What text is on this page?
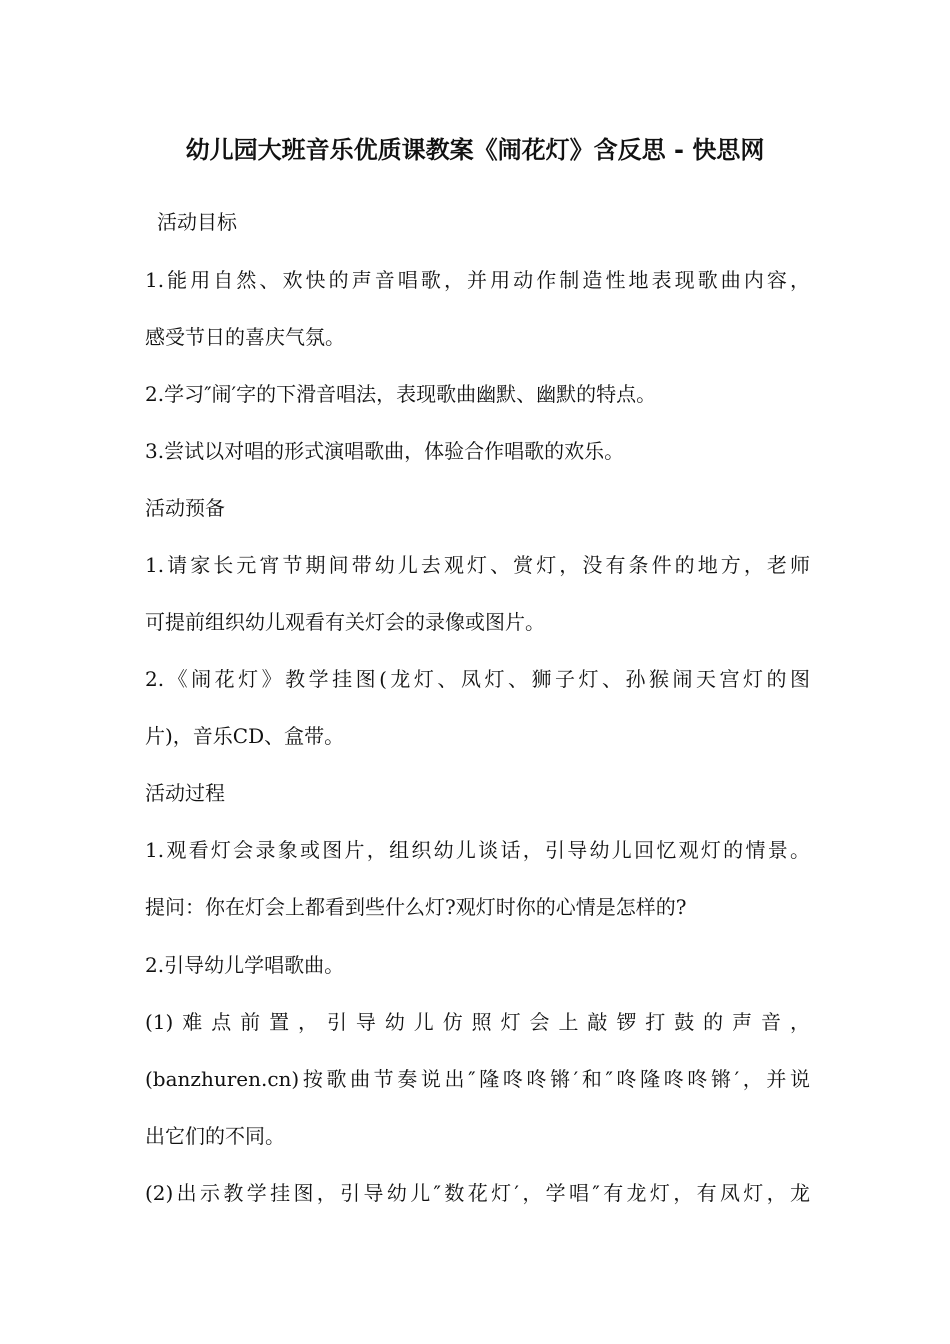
幼儿园大班音乐优质课教案《闹花灯》含反思 - 快思网
活动目标
1.能用自然、欢快的声音唱歌，并用动作制造性地表现歌曲内容，
感受节日的喜庆气氛。
2.学习″闹′字的下滑音唱法，表现歌曲幽默、幽默的特点。
3.尝试以对唱的形式演唱歌曲，体验合作唱歌的欢乐。
活动预备
1.请家长元宵节期间带幼儿去观灯、赏灯，没有条件的地方，老师
可提前组织幼儿观看有关灯会的录像或图片。
2.《闹花灯》教学挂图(龙灯、凤灯、狮子灯、孙猴闹天宫灯的图
片)，音乐CD、盒带。
活动过程
1.观看灯会录象或图片，组织幼儿谈话，引导幼儿回忆观灯的情景。
提问：你在灯会上都看到些什么灯?观灯时你的心情是怎样的?
2.引导幼儿学唱歌曲。
(1)难点前置，引导幼儿仿照灯会上敲锣打鼓的声音，
(banzhuren.cn)按歌曲节奏说出″隆咚咚锵′和″咚隆咚咚锵′，并说
出它们的不同。
(2)出示教学挂图，引导幼儿″数花灯′，学唱″有龙灯，有凤灯，龙
